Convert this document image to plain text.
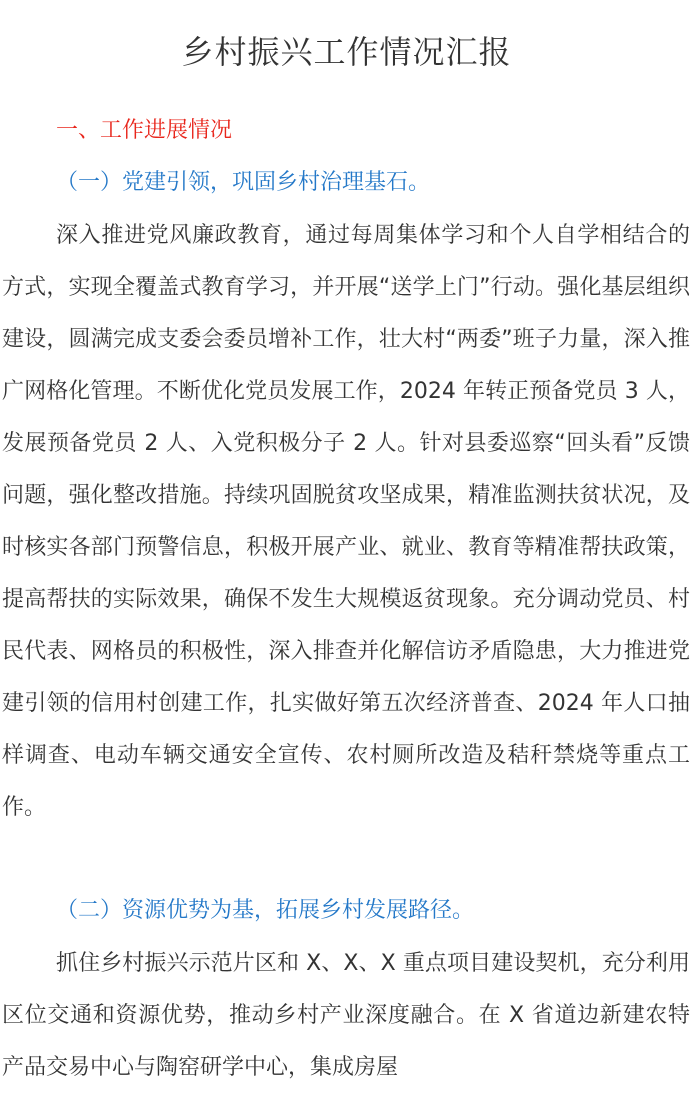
乡村振兴工作情况汇报
一、工作进展情况
（一）党建引领，巩固乡村治理基石。

深入推进党风廉政教育，通过每周集体学习和个人自学相结合的方式，实现全覆盖式教育学习，并开展“送学上门”行动。强化基层组织建设，圆满完成支委会委员增补工作，壮大村“两委”班子力量，深入推广网格化管理。不断优化党员发展工作，2024 年转正预备党员 3 人，发展预备党员 2 人、入党积极分子 2 人。针对县委巡察“回头看”反馈问题，强化整改措施。持续巩固脱贫攻坚成果，精准监测扶贫状况，及时核实各部门预警信息，积极开展产业、就业、教育等精准帮扶政策，提高帮扶的实际效果，确保不发生大规模返贫现象。充分调动党员、村民代表、网格员的积极性，深入排查并化解信访矛盾隐患，大力推进党建引领的信用村创建工作，扎实做好第五次经济普查、2024 年人口抽样调查、电动车辆交通安全宣传、农村厕所改造及秸秆禁烧等重点工作。

（二）资源优势为基，拓展乡村发展路径。

抓住乡村振兴示范片区和 X、X、X 重点项目建设契机，充分利用区位交通和资源优势，推动乡村产业深度融合。在 X 省道边新建农特产品交易中心与陶窑研学中心，集成房屋
